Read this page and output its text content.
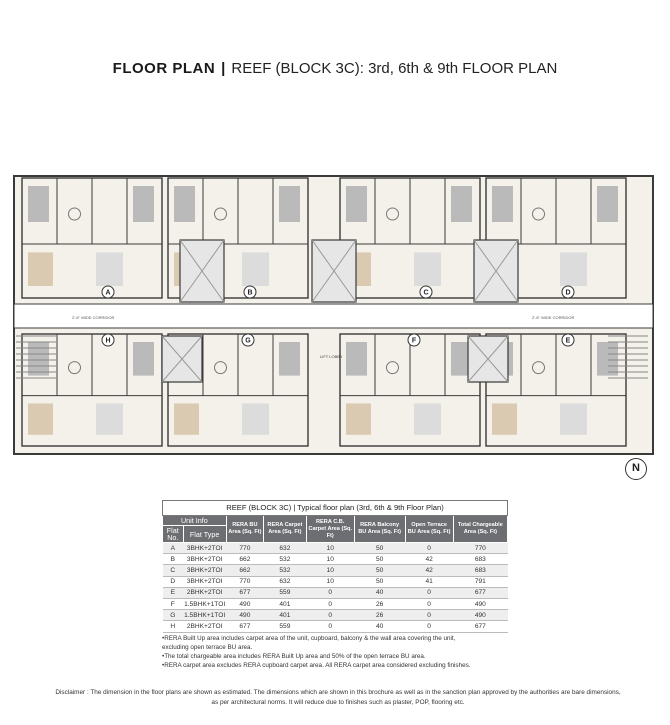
FLOOR PLAN | REEF (BLOCK 3C): 3rd, 6th & 9th FLOOR PLAN
2'-6" WIDE CORRIDOR	2'-6" WIDE CORRIDOR
LIFT LOBBY
A	B	C	D
H	G	F	E
N
REEF (BLOCK 3C) | Typical floor plan (3rd, 6th & 9th Floor Plan)							
Unit Info		RERA BU Area (Sq. Ft)	RERA Carpet Area (Sq. Ft)	RERA C.B. Carpet Area (Sq. Ft)	RERA Balcony BU Area (Sq. Ft)	Open Terrace BU Area (Sq. Ft)	Total Chargeable Area (Sq. Ft)
Flat No.	Flat Type						
A	3BHK+2TOI	770	632	10	50	0	770
B	3BHK+2TOI	662	532	10	50	42	683
C	3BHK+2TOI	662	532	10	50	42	683
D	3BHK+2TOI	770	632	10	50	41	791
E	2BHK+2TOI	677	559	0	40	0	677
F	1.5BHK+1TOI	490	401	0	26	0	490
G	1.5BHK+1TOI	490	401	0	26	0	490
H	2BHK+2TOI	677	559	0	40	0	677
•RERA Built Up area includes carpet area of the unit, cupboard, balcony & the wall area covering the unit,
excluding open terrace BU area.
•The total chargeable area includes RERA Built Up area and 50% of the open terrace BU area.
•RERA carpet area excludes RERA cupboard carpet area. All RERA carpet area considered excluding finishes.
Disclaimer : The dimension in the floor plans are shown as estimated. The dimensions which are shown in this brochure as well as in the sanction plan approved by the authorities are bare dimensions,
as per architectural norms. It will reduce due to finishes such as plaster, POP, flooring etc.
